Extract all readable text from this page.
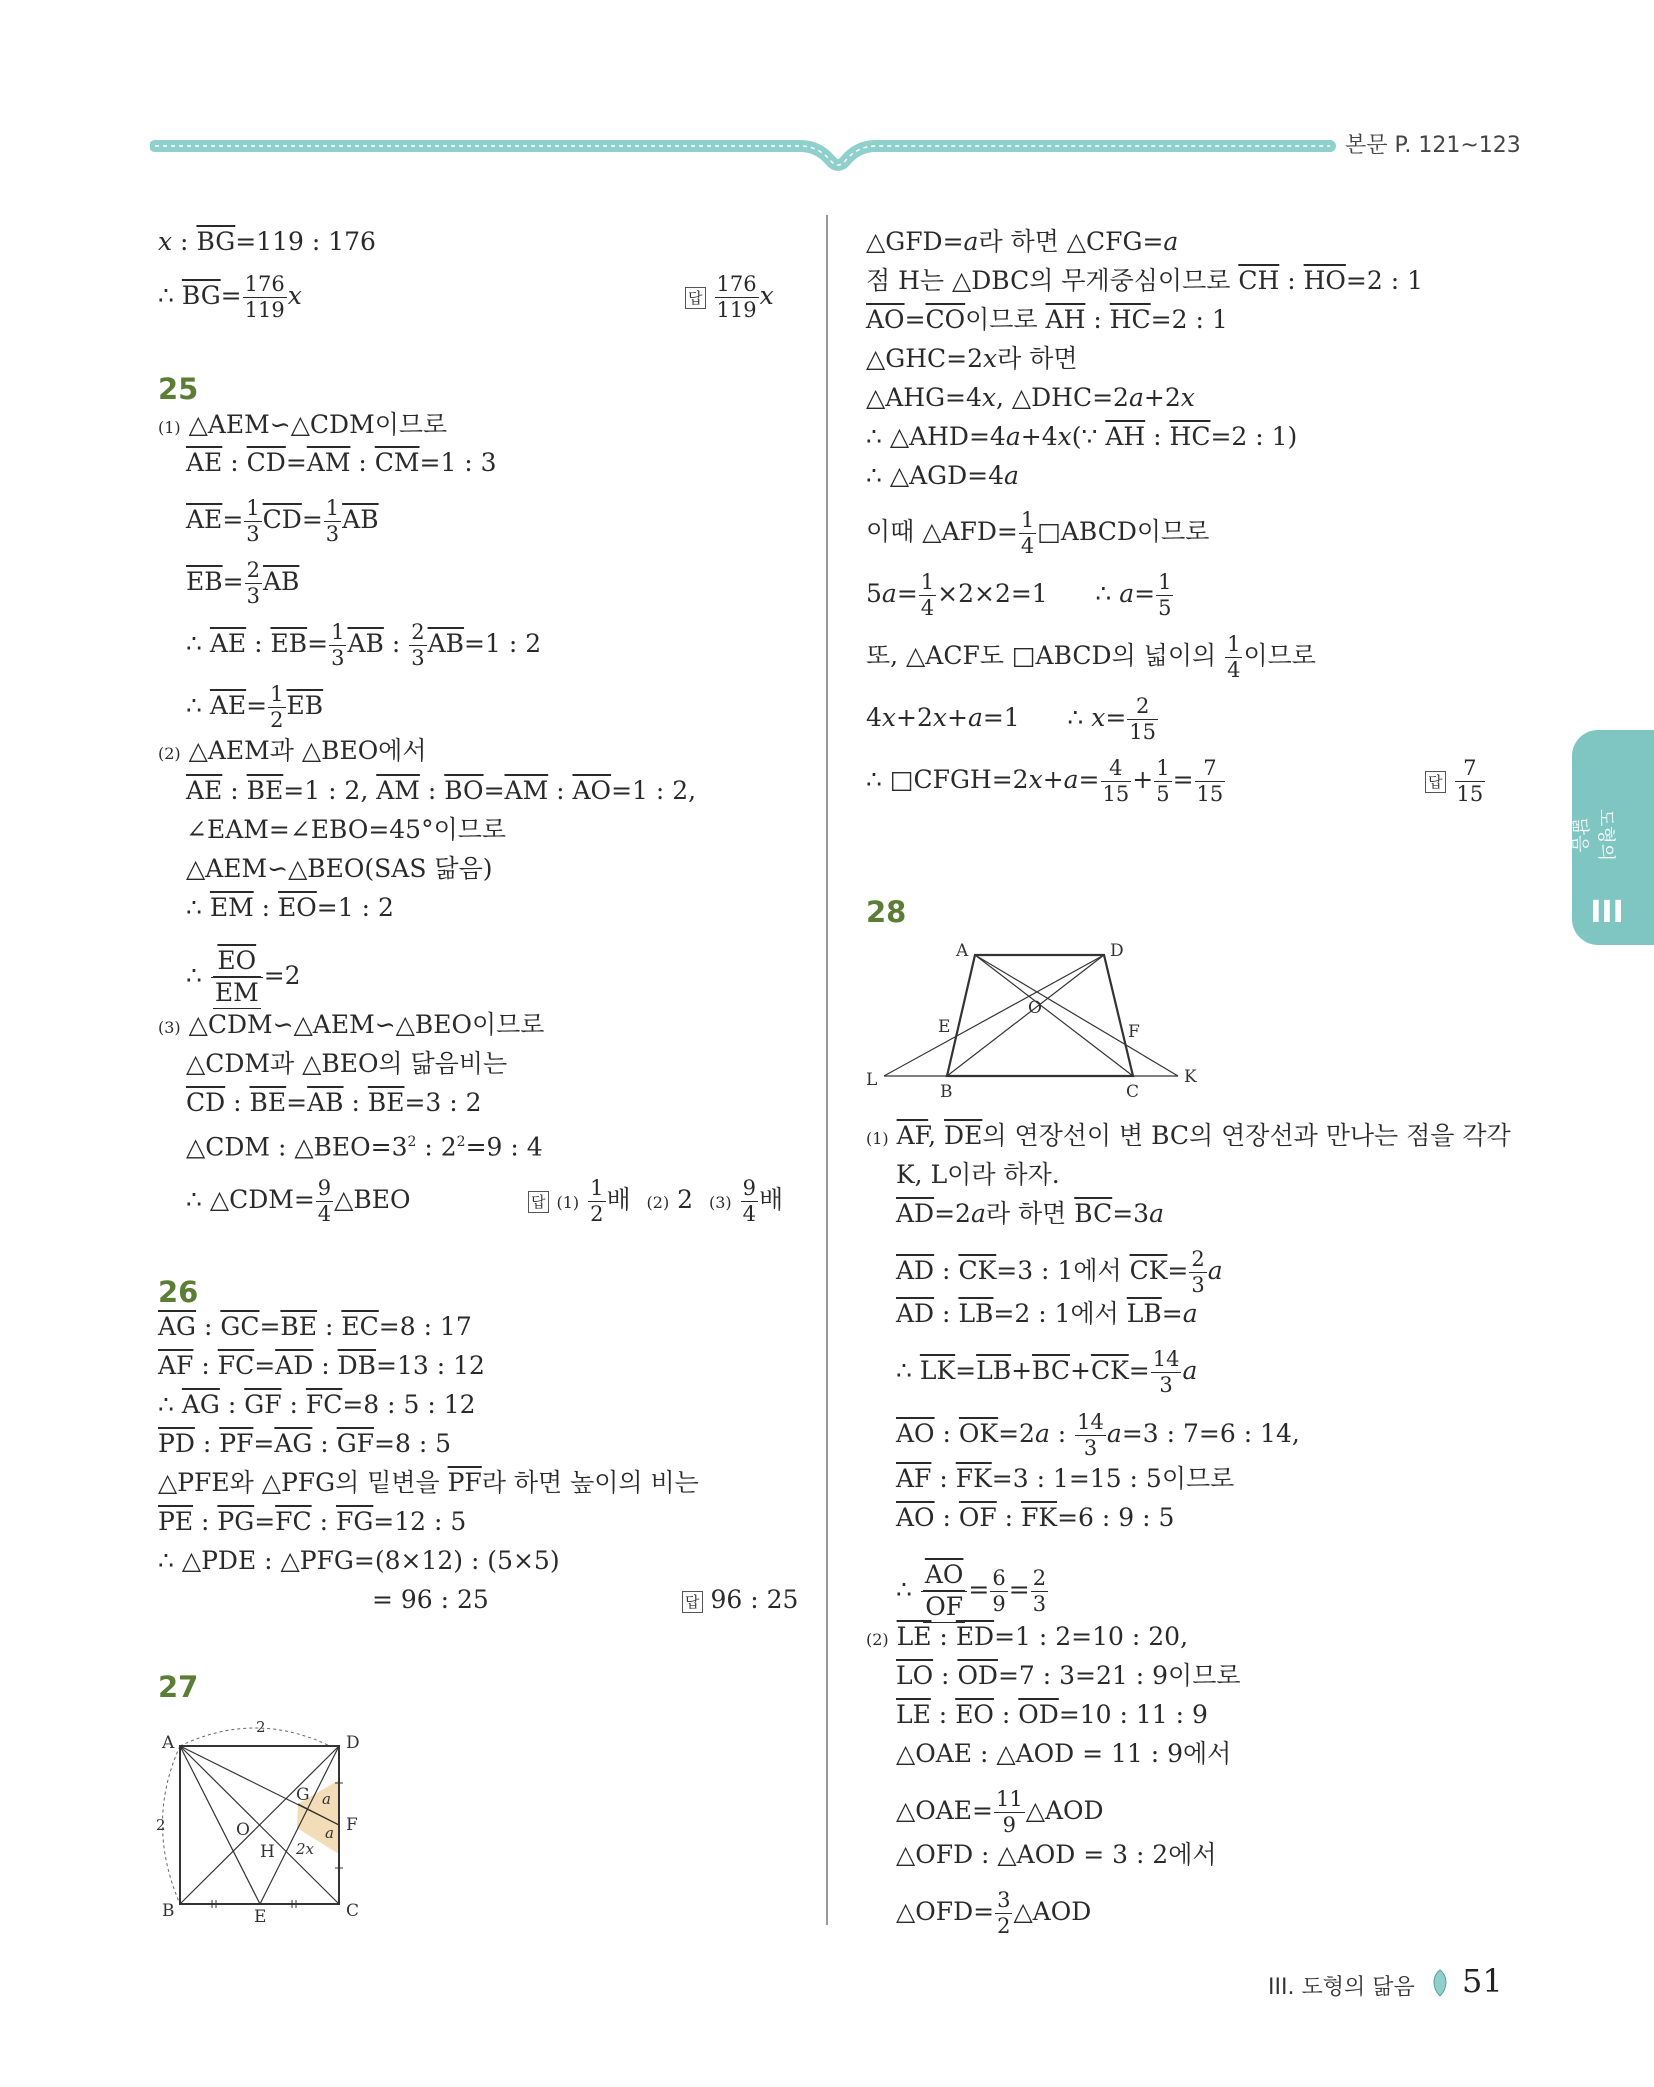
본문 P. 121~123
도형의 닮음
III
x : $\overline{BG}=119$ : 176
∴ $\overline{BG}= \frac{176}{119}$ x	답 $\frac{176}{119}$ x
25
(1) △AEM∽△CDM이므로
$\overline{AE}$ : $\overline{CD}=\overline{AM}$ : $\overline{CM}=1$ : 3
$\overline{AE}= \frac{1}{3} \overline{CD}= \frac{1}{3} \overline{AB}$
$\overline{EB}= \frac{2}{3} \overline{AB}$
∴ $\overline{AE}$ : $\overline{EB}= \frac{1}{3} \overline{AB}$ : $\frac{2}{3} \overline{AB}=1$ : 2
∴ $\overline{AE}= \frac{1}{2} \overline{EB}$
(2) △AEM과 △BEO에서
$\overline{AE}$ : $\overline{BE}=1$ : 2, $\overline{AM}$ : $\overline{BO}=\overline{AM}$ : $\overline{AO}=1$ : 2,
∠EAM=∠EBO=45°이므로
△AEM∽△BEO(SAS 닮음)
∴ $\overline{EM}$ : $\overline{EO}=1$ : 2
∴ $\frac{\overline{EO}}{EM} =2$
(3) △CDM∽△AEM∽△BEO이므로
△CDM과 △BEO의 닮음비는
$\overline{CD}$ : $\overline{BE}=\overline{AB}$ : $\overline{BE}=3$ : 2
△CDM : $\triangle BEO=3^2$ : $2^2=9$ : 4
∴ △CDM= $\frac{9}{4}$ △BEO	답 $(1) \frac{1}{2}$ 배  (2) 2  $(3) \frac{9}{4}$ 배
26
$\overline{AG}$ : $\overline{GC}=\overline{BE}$ : $\overline{EC}=8$ : 17
$\overline{AF}$ : $\overline{FC}=\overline{AD}$ : $\overline{DB}=13$ : 12
∴ $\overline{AG}$ : $\overline{GF}$ : $\overline{FC}=8$ : 5 : 12
$\overline{PD}$ : $\overline{PF}=\overline{AG}$ : $\overline{GF}=8$ : 5
△PFE와 △PFG의 밑변을 $\overline{PF}$라 하면 높이의 비는
$\overline{PE}$ : $\overline{PG}=\overline{FC}$ : $\overline{FG}=12$ : 5
∴ △PDE : △PFG=(8×12) : (5×5)
= 96 : 25	답 96 : 25
27
A	D
B	C
E
F
G
H
O
2
2
a
a
2x
△GFD=a라 하면 △CFG=a
점 H는 △DBC의 무게중심이므로 $\overline{CH}$ : $\overline{HO}=2$ : 1
$\overline{AO}=\overline{CO}$이므로 $\overline{AH}$ : $\overline{HC}=2$ : 1
△GHC=2x라 하면
△AHG=4x, △DHC=2a+2x
∴ △AHD=4a+4x(∵ $\overline{AH}$ : $\overline{HC}=2$ : 1)
∴ △AGD=4a
이때 △AFD= $\frac{1}{4}$ □ABCD이므로
$5a= \frac{1}{4} \times 2\times 2=1$      ∴ $a= \frac{1}{5}$
또, △ACF도 □ABCD의 넓이의 $\frac{1}{4}$ 이므로
4x+2x+a=1      ∴ $x= \frac{2}{15}$
∴ □CFGH=2x+a= $\frac{4}{15} + \frac{1}{5} = \frac{7}{15}$	답 $\frac{7}{15}$
28
A	D
O
E	F
L	K
B	C
(1) $\overline{AF}$, $\overline{DE}$의 연장선이 변 BC의 연장선과 만나는 점을 각각
K, L이라 하자.
$\overline{AD}=2a$라 하면 $\overline{BC}=3a$
$\overline{AD}$ : $\overline{CK}=3$ : 1에서 $\overline{CK}= \frac{2}{3}$ a
$\overline{AD}$ : $\overline{LB}=2$ : 1에서 $\overline{LB}=a$
∴ $\overline{LK}=\overline{LB}+\overline{BC}+\overline{CK}= \frac{14}{3}$ a
$\overline{AO}$ : $\overline{OK}=2a$ : $\frac{14}{3} a=3$ : 7=6 : 14,
$\overline{AF}$ : $\overline{FK}=3$ : 1=15 : 5이므로
$\overline{AO}$ : $\overline{OF}$ : $\overline{FK}=6$ : 9 : 5
∴ $\frac{\overline{AO}}{OF} = \frac{6}{9} = \frac{2}{3}$
(2) $\overline{LE}$ : $\overline{ED}=1$ : 2=10 : 20,
$\overline{LO}$ : $\overline{OD}=7$ : 3=21 : 9이므로
$\overline{LE}$ : $\overline{EO}$ : $\overline{OD}=10$ : 11 : 9
△OAE : △AOD = 11 : 9에서
△OAE= $\frac{11}{9}$ △AOD
△OFD : △AOD = 3 : 2에서
△OFD= $\frac{3}{2}$ △AOD
III. 도형의 닮음 51
